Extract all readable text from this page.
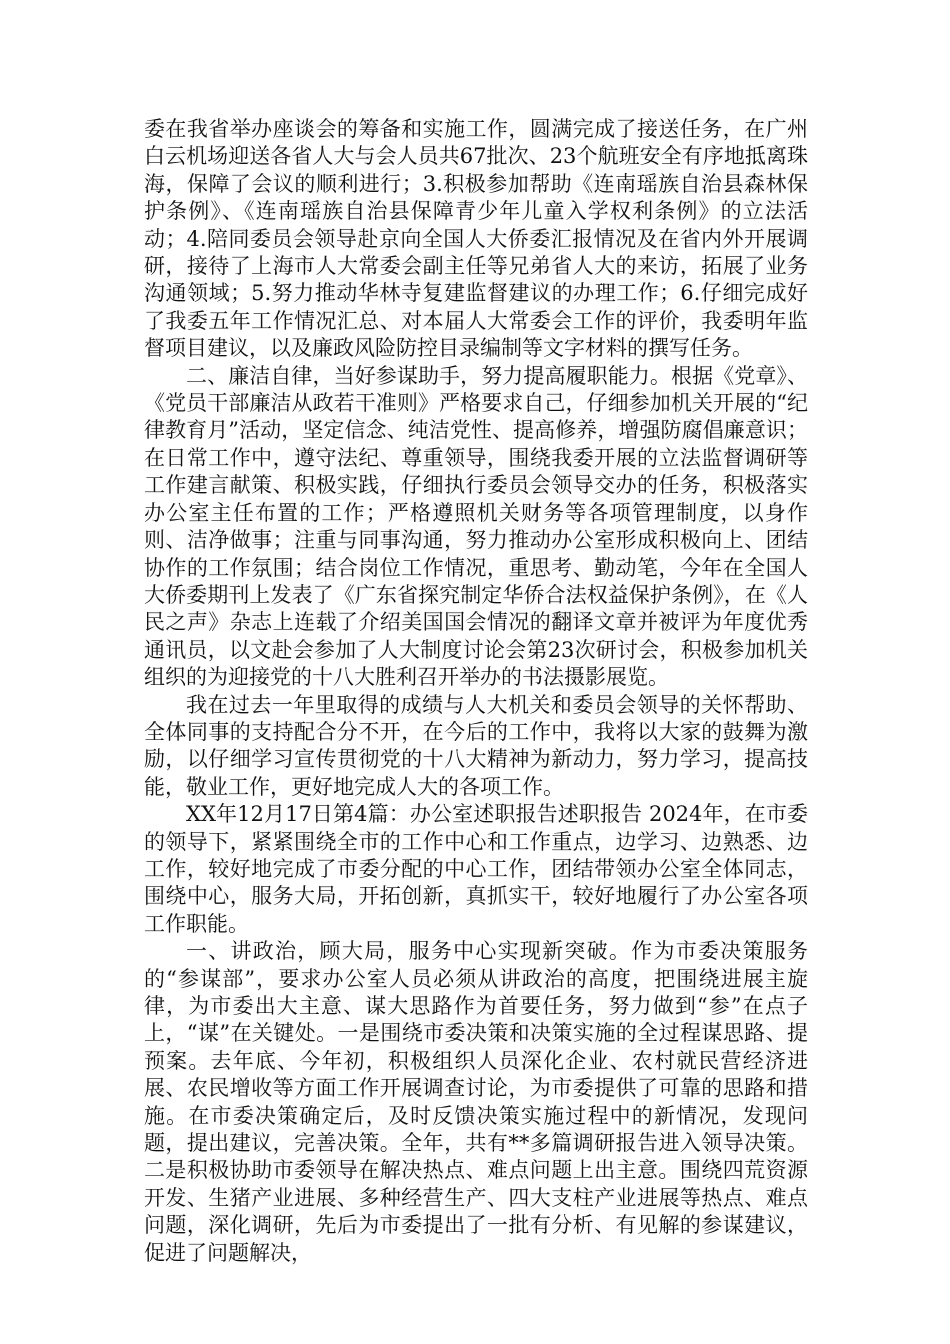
委在我省举办座谈会的筹备和实施工作，圆满完成了接送任务，在广州白云机场迎送各省人大与会人员共67批次、23个航班安全有序地抵离珠海，保障了会议的顺利进行；3.积极参加帮助《连南瑶族自治县森林保护条例》、《连南瑶族自治县保障青少年儿童入学权利条例》的立法活动；4.陪同委员会领导赴京向全国人大侨委汇报情况及在省内外开展调研，接待了上海市人大常委会副主任等兄弟省人大的来访，拓展了业务沟通领域；5.努力推动华林寺复建监督建议的办理工作；6.仔细完成好了我委五年工作情况汇总、对本届人大常委会工作的评价，我委明年监督项目建议，以及廉政风险防控目录编制等文字材料的撰写任务。

二、廉洁自律，当好参谋助手，努力提高履职能力。根据《党章》、《党员干部廉洁从政若干准则》严格要求自己，仔细参加机关开展的“纪律教育月”活动，坚定信念、纯洁党性、提高修养，增强防腐倡廉意识；在日常工作中，遵守法纪、尊重领导，围绕我委开展的立法监督调研等工作建言献策、积极实践，仔细执行委员会领导交办的任务，积极落实办公室主任布置的工作；严格遵照机关财务等各项管理制度，以身作则、洁净做事；注重与同事沟通，努力推动办公室形成积极向上、团结协作的工作氛围；结合岗位工作情况，重思考、勤动笔，今年在全国人大侨委期刊上发表了《广东省探究制定华侨合法权益保护条例》，在《人民之声》杂志上连载了介绍美国国会情况的翻译文章并被评为年度优秀通讯员，以文赴会参加了人大制度讨论会第23次研讨会，积极参加机关组织的为迎接党的十八大胜利召开举办的书法摄影展览。

我在过去一年里取得的成绩与人大机关和委员会领导的关怀帮助、全体同事的支持配合分不开，在今后的工作中，我将以大家的鼓舞为激励，以仔细学习宣传贯彻党的十八大精神为新动力，努力学习，提高技能，敬业工作，更好地完成人大的各项工作。

XX年12月17日第4篇：办公室述职报告述职报告 2024年，在市委的领导下，紧紧围绕全市的工作中心和工作重点，边学习、边熟悉、边工作，较好地完成了市委分配的中心工作，团结带领办公室全体同志，围绕中心，服务大局，开拓创新，真抓实干，较好地履行了办公室各项工作职能。

一、讲政治，顾大局，服务中心实现新突破。作为市委决策服务的“参谋部”，要求办公室人员必须从讲政治的高度，把围绕进展主旋律，为市委出大主意、谋大思路作为首要任务，努力做到“参”在点子上，“谋”在关键处。一是围绕市委决策和决策实施的全过程谋思路、提预案。去年底、今年初，积极组织人员深化企业、农村就民营经济进展、农民增收等方面工作开展调查讨论，为市委提供了可靠的思路和措施。在市委决策确定后，及时反馈决策实施过程中的新情况，发现问题，提出建议，完善决策。全年，共有**多篇调研报告进入领导决策。二是积极协助市委领导在解决热点、难点问题上出主意。围绕四荒资源开发、生猪产业进展、多种经营生产、四大支柱产业进展等热点、难点问题，深化调研，先后为市委提出了一批有分析、有见解的参谋建议，促进了问题解决，
